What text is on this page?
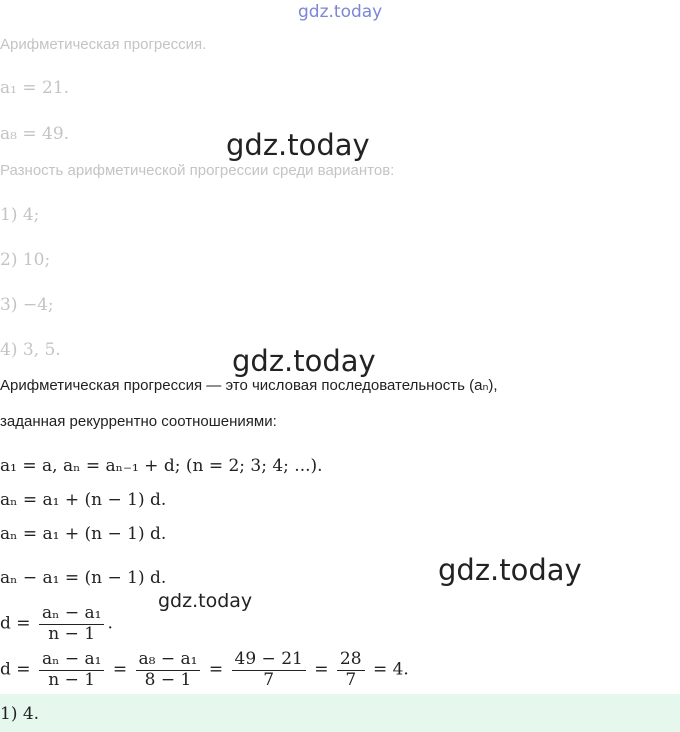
gdz.today
Арифметическая прогрессия.
a₁ = 21.
a₈ = 49.
Разность арифметической прогрессии среди вариантов:
1) 4;
2) 10;
3) −4;
4) 3, 5.
gdz.today
gdz.today
gdz.today
gdz.today
Арифметическая прогрессия — это числовая последовательность (aₙ),
заданная рекуррентно соотношениями:
a₁ = a, aₙ = aₙ₋₁ + d; (n = 2; 3; 4; ...).
aₙ = a₁ + (n − 1) d.
aₙ = a₁ + (n − 1) d.
aₙ − a₁ = (n − 1) d.
$d = \frac{\text{aₙ − a₁}}{n - 1}$ .
$d = \frac{\text{aₙ − a₁}}{n - 1} = \frac{\text{a₈ − a₁}}{8 - 1} = \frac{49 - 21}{7} = \frac{28}{7} = 4$.
1) 4.
